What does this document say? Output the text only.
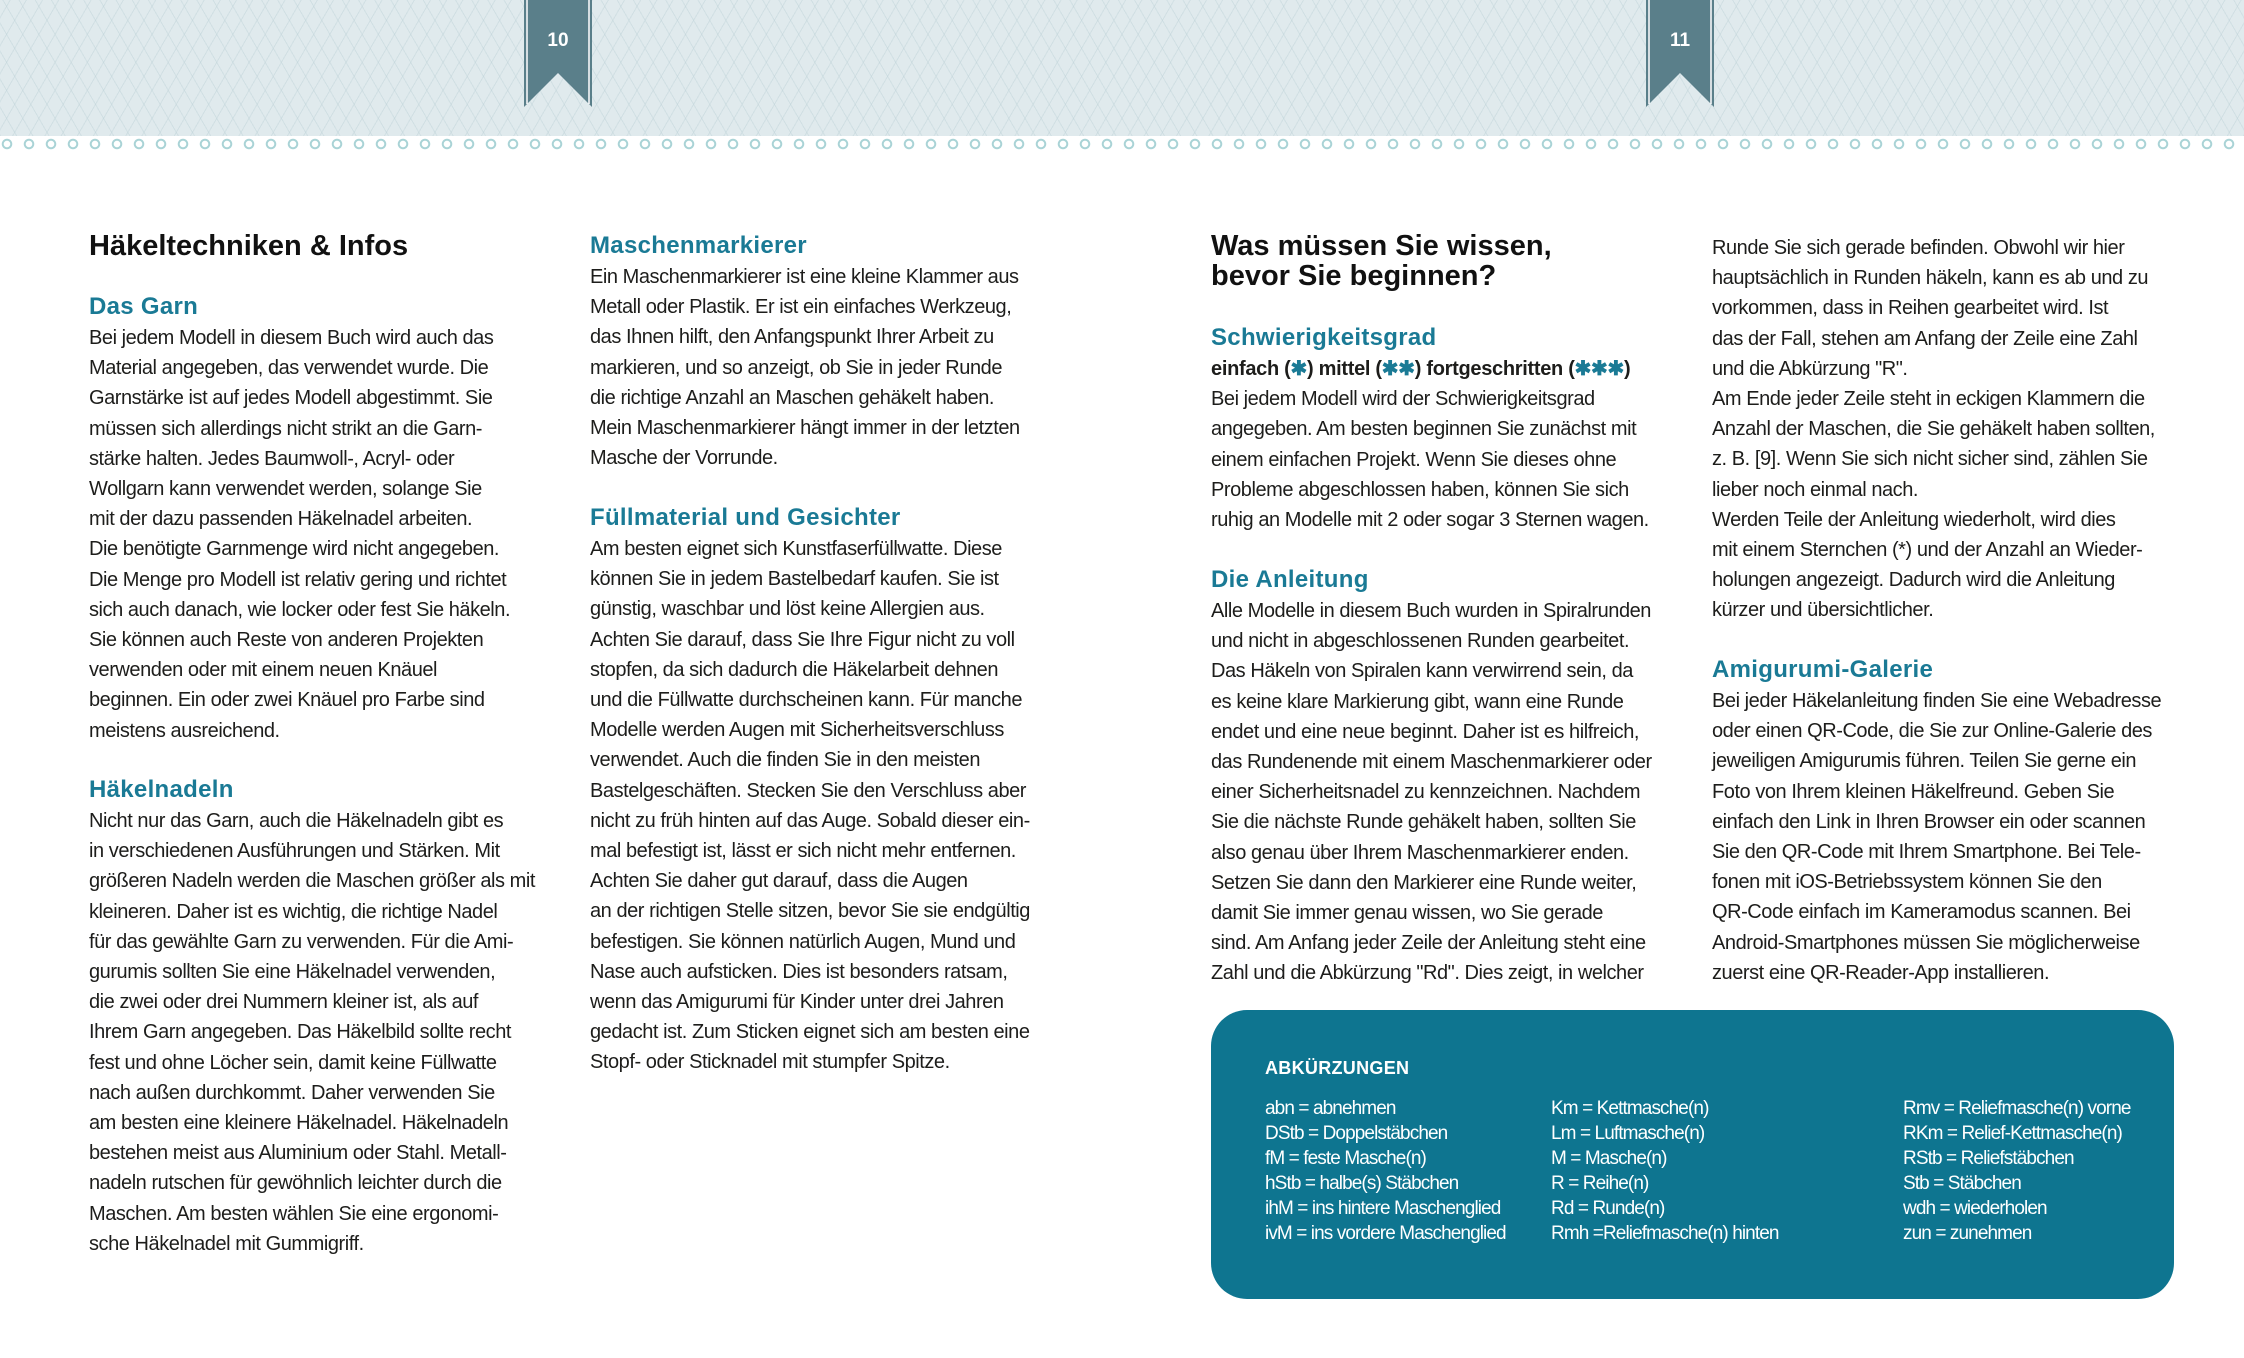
10	11
Häkeltechniken & Infos
Das Garn
Bei jedem Modell in diesem Buch wird auch das
Material angegeben, das verwendet wurde. Die
Garnstärke ist auf jedes Modell abgestimmt. Sie
müssen sich allerdings nicht strikt an die Garn-
stärke halten. Jedes Baumwoll-, Acryl- oder
Wollgarn kann verwendet werden, solange Sie
mit der dazu passenden Häkelnadel arbeiten.
Die benötigte Garnmenge wird nicht angegeben.
Die Menge pro Modell ist relativ gering und richtet
sich auch danach, wie locker oder fest Sie häkeln.
Sie können auch Reste von anderen Projekten
verwenden oder mit einem neuen Knäuel
beginnen. Ein oder zwei Knäuel pro Farbe sind
meistens ausreichend.
Häkelnadeln
Nicht nur das Garn, auch die Häkelnadeln gibt es
in verschiedenen Ausführungen und Stärken. Mit
größeren Nadeln werden die Maschen größer als mit
kleineren. Daher ist es wichtig, die richtige Nadel
für das gewählte Garn zu verwenden. Für die Ami-
gurumis sollten Sie eine Häkelnadel verwenden,
die zwei oder drei Nummern kleiner ist, als auf
Ihrem Garn angegeben. Das Häkelbild sollte recht
fest und ohne Löcher sein, damit keine Füllwatte
nach außen durchkommt. Daher verwenden Sie
am besten eine kleinere Häkelnadel. Häkelnadeln
bestehen meist aus Aluminium oder Stahl. Metall-
nadeln rutschen für gewöhnlich leichter durch die
Maschen. Am besten wählen Sie eine ergonomi-
sche Häkelnadel mit Gummigriff.
Maschenmarkierer
Ein Maschenmarkierer ist eine kleine Klammer aus
Metall oder Plastik. Er ist ein einfaches Werkzeug,
das Ihnen hilft, den Anfangspunkt Ihrer Arbeit zu
markieren, und so anzeigt, ob Sie in jeder Runde
die richtige Anzahl an Maschen gehäkelt haben.
Mein Maschenmarkierer hängt immer in der letzten
Masche der Vorrunde.
Füllmaterial und Gesichter
Am besten eignet sich Kunstfaserfüllwatte. Diese
können Sie in jedem Bastelbedarf kaufen. Sie ist
günstig, waschbar und löst keine Allergien aus.
Achten Sie darauf, dass Sie Ihre Figur nicht zu voll
stopfen, da sich dadurch die Häkelarbeit dehnen
und die Füllwatte durchscheinen kann. Für manche
Modelle werden Augen mit Sicherheitsverschluss
verwendet. Auch die finden Sie in den meisten
Bastelgeschäften. Stecken Sie den Verschluss aber
nicht zu früh hinten auf das Auge. Sobald dieser ein-
mal befestigt ist, lässt er sich nicht mehr entfernen.
Achten Sie daher gut darauf, dass die Augen
an der richtigen Stelle sitzen, bevor Sie sie endgültig
befestigen. Sie können natürlich Augen, Mund und
Nase auch aufsticken. Dies ist besonders ratsam,
wenn das Amigurumi für Kinder unter drei Jahren
gedacht ist. Zum Sticken eignet sich am besten eine
Stopf- oder Sticknadel mit stumpfer Spitze.
Was müssen Sie wissen,
bevor Sie beginnen?
Schwierigkeitsgrad
einfach (✱) mittel (✱✱) fortgeschritten (✱✱✱)
Bei jedem Modell wird der Schwierigkeitsgrad
angegeben. Am besten beginnen Sie zunächst mit
einem einfachen Projekt. Wenn Sie dieses ohne
Probleme abgeschlossen haben, können Sie sich
ruhig an Modelle mit 2 oder sogar 3 Sternen wagen.
Die Anleitung
Alle Modelle in diesem Buch wurden in Spiralrunden
und nicht in abgeschlossenen Runden gearbeitet.
Das Häkeln von Spiralen kann verwirrend sein, da
es keine klare Markierung gibt, wann eine Runde
endet und eine neue beginnt. Daher ist es hilfreich,
das Rundenende mit einem Maschenmarkierer oder
einer Sicherheitsnadel zu kennzeichnen. Nachdem
Sie die nächste Runde gehäkelt haben, sollten Sie
also genau über Ihrem Maschenmarkierer enden.
Setzen Sie dann den Markierer eine Runde weiter,
damit Sie immer genau wissen, wo Sie gerade
sind. Am Anfang jeder Zeile der Anleitung steht eine
Zahl und die Abkürzung "Rd". Dies zeigt, in welcher
Runde Sie sich gerade befinden. Obwohl wir hier
hauptsächlich in Runden häkeln, kann es ab und zu
vorkommen, dass in Reihen gearbeitet wird. Ist
das der Fall, stehen am Anfang der Zeile eine Zahl
und die Abkürzung "R".
Am Ende jeder Zeile steht in eckigen Klammern die
Anzahl der Maschen, die Sie gehäkelt haben sollten,
z. B. [9]. Wenn Sie sich nicht sicher sind, zählen Sie
lieber noch einmal nach.
Werden Teile der Anleitung wiederholt, wird dies
mit einem Sternchen (*) und der Anzahl an Wieder-
holungen angezeigt. Dadurch wird die Anleitung
kürzer und übersichtlicher.
Amigurumi-Galerie
Bei jeder Häkelanleitung finden Sie eine Webadresse
oder einen QR-Code, die Sie zur Online-Galerie des
jeweiligen Amigurumis führen. Teilen Sie gerne ein
Foto von Ihrem kleinen Häkelfreund. Geben Sie
einfach den Link in Ihren Browser ein oder scannen
Sie den QR-Code mit Ihrem Smartphone. Bei Tele-
fonen mit iOS-Betriebssystem können Sie den
QR-Code einfach im Kameramodus scannen. Bei
Android-Smartphones müssen Sie möglicherweise
zuerst eine QR-Reader-App installieren.
ABKÜRZUNGEN
abn = abnehmen
DStb = Doppelstäbchen
fM = feste Masche(n)
hStb = halbe(s) Stäbchen
ihM = ins hintere Maschenglied
ivM = ins vordere Maschenglied
Km = Kettmasche(n)
Lm = Luftmasche(n)
M = Masche(n)
R = Reihe(n)
Rd = Runde(n)
Rmh =Reliefmasche(n) hinten
Rmv = Reliefmasche(n) vorne
RKm = Relief-Kettmasche(n)
RStb = Reliefstäbchen
Stb = Stäbchen
wdh = wiederholen
zun = zunehmen
